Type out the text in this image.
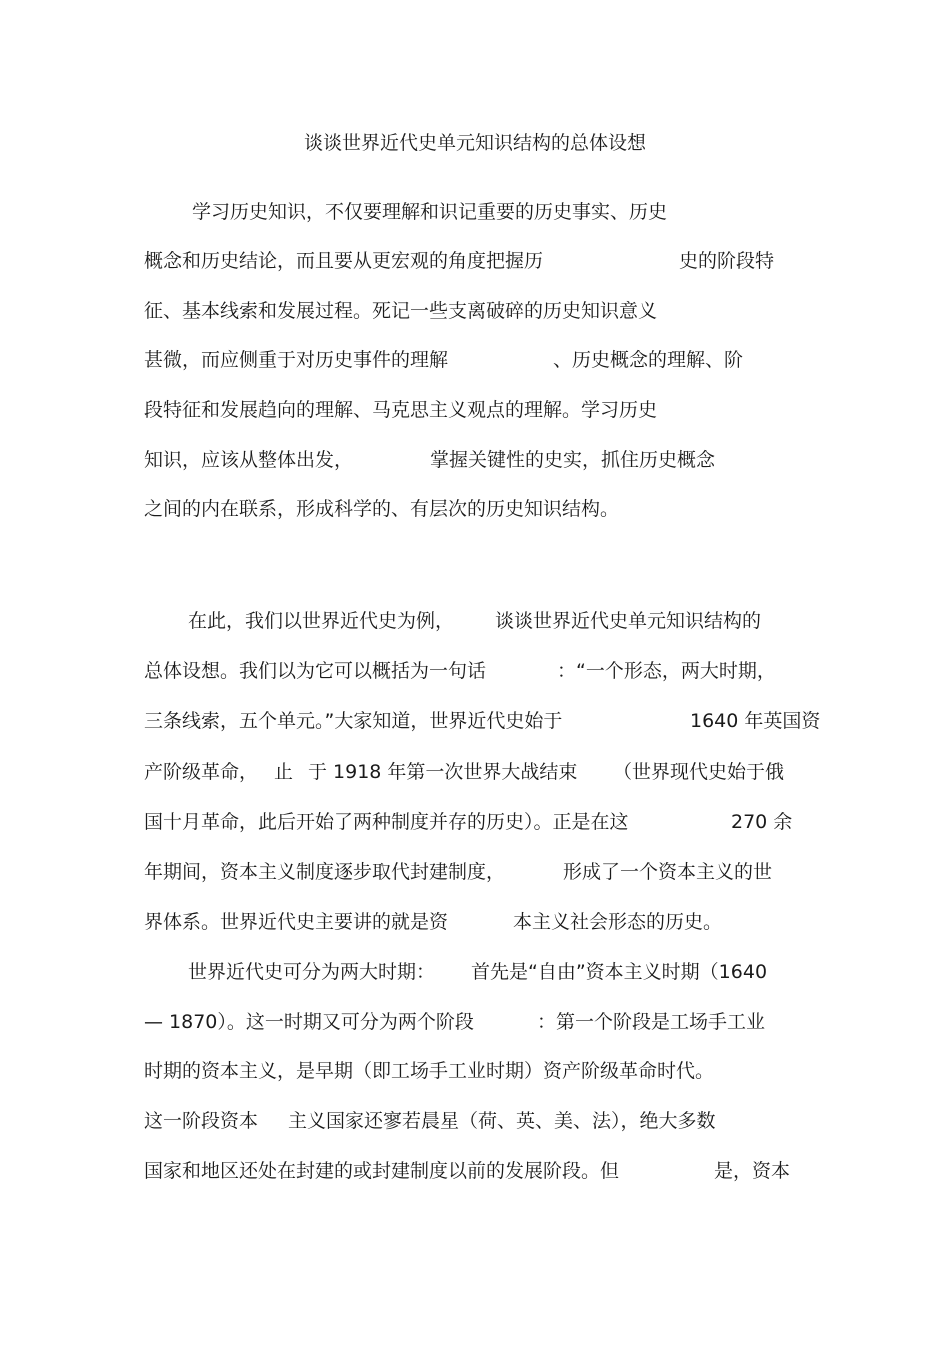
谈谈世界近代史单元知识结构的总体设想
学习历史知识，不仅要理解和识记重要的历史事实、历史
概念和历史结论，而且要从更宏观的角度把握历	史的阶段特
征、基本线索和发展过程。死记一些支离破碎的历史知识意义
甚微，而应侧重于对历史事件的理解	、历史概念的理解、阶
段特征和发展趋向的理解、马克思主义观点的理解。学习历史
知识，应该从整体出发，	掌握关键性的史实，抓住历史概念
之间的内在联系，形成科学的、有层次的历史知识结构。
在此，我们以世界近代史为例， 谈谈世界近代史单元知识结构的
总体设想。我们以为它可以概括为一句话	：“一个形态，两大时期，
三条线索，五个单元。”大家知道，世界近代史始于	1640 年英国资
产阶级革命， 止 于 1918 年第一次世界大战结束 （世界现代史始于俄
国十月革命，此后开始了两种制度并存的历史）。正是在这	270 余
年期间，资本主义制度逐步取代封建制度，	形成了一个资本主义的世
界体系。世界近代史主要讲的就是资	本主义社会形态的历史。
世界近代史可分为两大时期： 首先是“自由”资本主义时期（1640
— 1870）。这一时期又可分为两个阶段	：第一个阶段是工场手工业
时期的资本主义，是早期（即工场手工业时期）资产阶级革命时代。
这一阶段资本 主义国家还寥若晨星（荷、英、美、法），绝大多数
国家和地区还处在封建的或封建制度以前的发展阶段。但	是，资本
